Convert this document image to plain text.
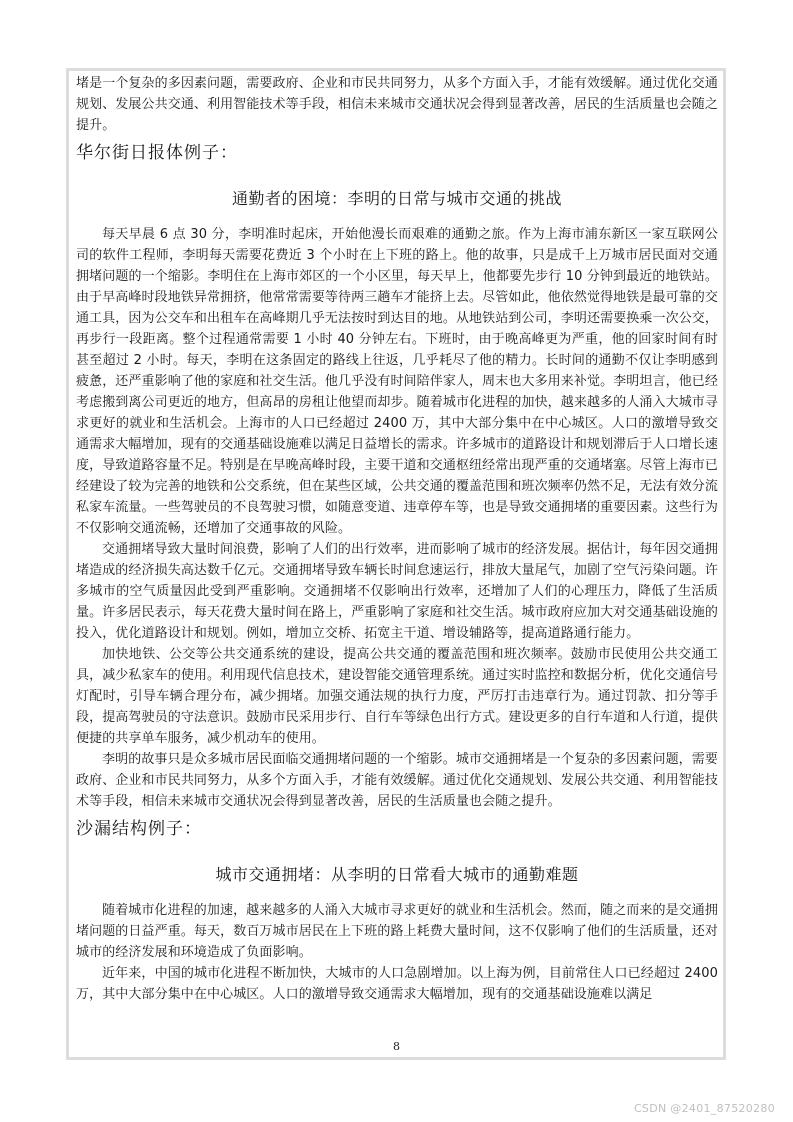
堵是一个复杂的多因素问题，需要政府、企业和市民共同努力，从多个方面入手，才能有效缓解。通过优化交通规划、发展公共交通、利用智能技术等手段，相信未来城市交通状况会得到显著改善，居民的生活质量也会随之提升。

华尔街日报体例子：
通勤者的困境：李明的日常与城市交通的挑战

每天早晨 6 点 30 分，李明准时起床，开始他漫长而艰难的通勤之旅。作为上海市浦东新区一家互联网公司的软件工程师，李明每天需要花费近 3 个小时在上下班的路上。他的故事，只是成千上万城市居民面对交通拥堵问题的一个缩影。李明住在上海市郊区的一个小区里，每天早上，他都要先步行 10 分钟到最近的地铁站。由于早高峰时段地铁异常拥挤，他常常需要等待两三趟车才能挤上去。尽管如此，他依然觉得地铁是最可靠的交通工具，因为公交车和出租车在高峰期几乎无法按时到达目的地。从地铁站到公司，李明还需要换乘一次公交，再步行一段距离。整个过程通常需要 1 小时 40 分钟左右。下班时，由于晚高峰更为严重，他的回家时间有时甚至超过 2 小时。每天，李明在这条固定的路线上往返，几乎耗尽了他的精力。长时间的通勤不仅让李明感到疲惫，还严重影响了他的家庭和社交生活。他几乎没有时间陪伴家人，周末也大多用来补觉。李明坦言，他已经考虑搬到离公司更近的地方，但高昂的房租让他望而却步。随着城市化进程的加快，越来越多的人涌入大城市寻求更好的就业和生活机会。上海市的人口已经超过 2400 万，其中大部分集中在中心城区。人口的激增导致交通需求大幅增加，现有的交通基础设施难以满足日益增长的需求。许多城市的道路设计和规划滞后于人口增长速度，导致道路容量不足。特别是在早晚高峰时段，主要干道和交通枢纽经常出现严重的交通堵塞。尽管上海市已经建设了较为完善的地铁和公交系统，但在某些区域，公共交通的覆盖范围和班次频率仍然不足，无法有效分流私家车流量。一些驾驶员的不良驾驶习惯，如随意变道、违章停车等，也是导致交通拥堵的重要因素。这些行为不仅影响交通流畅，还增加了交通事故的风险。

交通拥堵导致大量时间浪费，影响了人们的出行效率，进而影响了城市的经济发展。据估计，每年因交通拥堵造成的经济损失高达数千亿元。交通拥堵导致车辆长时间怠速运行，排放大量尾气，加剧了空气污染问题。许多城市的空气质量因此受到严重影响。交通拥堵不仅影响出行效率，还增加了人们的心理压力，降低了生活质量。许多居民表示，每天花费大量时间在路上，严重影响了家庭和社交生活。城市政府应加大对交通基础设施的投入，优化道路设计和规划。例如，增加立交桥、拓宽主干道、增设辅路等，提高道路通行能力。

加快地铁、公交等公共交通系统的建设，提高公共交通的覆盖范围和班次频率。鼓励市民使用公共交通工具，减少私家车的使用。利用现代信息技术，建设智能交通管理系统。通过实时监控和数据分析，优化交通信号灯配时，引导车辆合理分布，减少拥堵。加强交通法规的执行力度，严厉打击违章行为。通过罚款、扣分等手段，提高驾驶员的守法意识。鼓励市民采用步行、自行车等绿色出行方式。建设更多的自行车道和人行道，提供便捷的共享单车服务，减少机动车的使用。

李明的故事只是众多城市居民面临交通拥堵问题的一个缩影。城市交通拥堵是一个复杂的多因素问题，需要政府、企业和市民共同努力，从多个方面入手，才能有效缓解。通过优化交通规划、发展公共交通、利用智能技术等手段，相信未来城市交通状况会得到显著改善，居民的生活质量也会随之提升。

沙漏结构例子：
城市交通拥堵：从李明的日常看大城市的通勤难题

随着城市化进程的加速，越来越多的人涌入大城市寻求更好的就业和生活机会。然而，随之而来的是交通拥堵问题的日益严重。每天，数百万城市居民在上下班的路上耗费大量时间，这不仅影响了他们的生活质量，还对城市的经济发展和环境造成了负面影响。

近年来，中国的城市化进程不断加快，大城市的人口急剧增加。以上海为例，目前常住人口已经超过 2400 万，其中大部分集中在中心城区。人口的激增导致交通需求大幅增加，现有的交通基础设施难以满足

8
CSDN @2401_87520280
